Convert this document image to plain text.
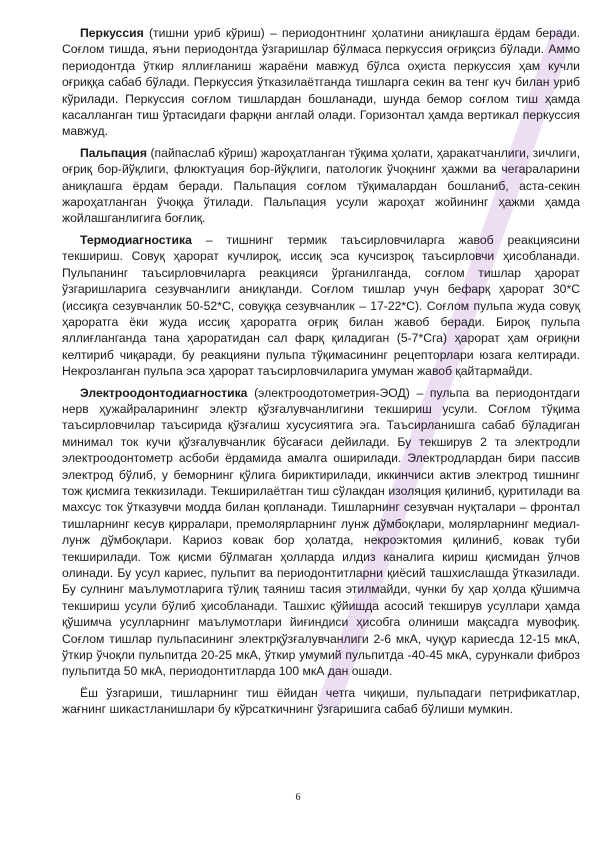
Перкуссия (тишни уриб кўриш) – периодонтнинг ҳолатини аниқлашга ёрдам беради. Соғлом тишда, яъни периодонтда ўзгаришлар бўлмаса перкуссия оғриқсиз бўлади. Аммо периодонтда ўткир яллиғланиш жараёни мавжуд бўлса оҳиста перкуссия ҳам кучли оғриққа сабаб бўлади. Перкуссия ўтказилаётганда тишларга секин ва тенг куч билан уриб кўрилади. Перкуссия соғлом тишлардан бошланади, шунда бемор соғлом тиш ҳамда касалланган тиш ўртасидаги фарқни англай олади. Горизонтал ҳамда вертикал перкуссия мавжуд.

Пальпация (пайпаслаб кўриш) жароҳатланган тўқима ҳолати, ҳаракатчанлиги, зичлиги, оғриқ бор-йўқлиги, флюктуация бор-йўқлиги, патологик ўчоқнинг ҳажми ва чегараларини аниқлашга ёрдам беради. Пальпация соғлом тўқималардан бошланиб, аста-секин жароҳатланган ўчоққа ўтилади. Пальпация усули жароҳат жойининг ҳажми ҳамда жойлашганлигига боғлиқ.

Термодиагностика – тишнинг термик таъсирловчиларга жавоб реакциясини текшириш. Совуқ ҳарорат кучлироқ, иссиқ эса кучсизроқ таъсирловчи ҳисобланади. Пульпанинг таъсирловчиларга реакцияси ўрганилганда, соғлом тишлар ҳарорат ўзгаришларига сезувчанлиги аниқланди. Соғлом тишлар учун бефарқ ҳарорат 30*С (иссиқга сезувчанлик 50-52*С, совуққа сезувчанлик – 17-22*С). Соғлом пульпа жуда совуқ ҳароратга ёки жуда иссиқ ҳароратга оғриқ билан жавоб беради. Бироқ пульпа яллиғланганда тана ҳароратидан сал фарқ қиладиган (5-7*Сга) ҳарорат ҳам оғриқни келтириб чиқаради, бу реакцияни пульпа тўқимасининг рецепторлари юзага келтиради. Некрозланган пульпа эса ҳарорат таъсирловчиларига умуман жавоб қайтармайди.

Электроодонтодиагностика (электроодотометрия-ЭОД) – пульпа ва периодонтдаги нерв ҳужайраларининг электр қўзғалувчанлигини текшириш усули. Соғлом тўқима таъсирловчилар таъсирида қўзғалиш хусусиятига эга. Таъсирланишга сабаб бўладиган минимал ток кучи қўзғалувчанлик бўсағаси дейилади. Бу текширув 2 та электродли электроодонтометр асбоби ёрдамида амалга оширилади. Электродлардан бири пассив электрод бўлиб, у беморнинг қўлига бириктирилади, иккинчиси актив электрод тишнинг тож қисмига теккизилади. Текширилаётган тиш сўлакдан изоляция қилиниб, қуритилади ва махсус ток ўтказувчи модда билан қопланади. Тишларнинг сезувчан нуқталари – фронтал тишларнинг кесув қирралари, премолярларнинг лунж дўмбоқлари, молярларнинг медиал-лунж дўмбоқлари. Кариоз ковак бор ҳолатда, некроэктомия қилиниб, ковак туби текширилади. Тож қисми бўлмаган ҳолларда илдиз каналига кириш қисмидан ўлчов олинади. Бу усул кариес, пульпит ва периодонтитларни қиёсий ташхислашда ўтказилади. Бу сулнинг маълумотларига тўлиқ таяниш тасия этилмайди, чунки бу ҳар ҳолда қўшимча текшириш усули бўлиб ҳисобланади. Ташхис қўйишда асосий текширув усуллари ҳамда қўшимча усулларнинг маълумотлари йиғиндиси ҳисобга олиниши мақсадга мувофиқ. Соғлом тишлар пульпасининг электрқўзғалувчанлиги 2-6 мкА, чуқур кариесда 12-15 мкА, ўткир ўчоқли пульпитда 20-25 мкА, ўткир умумий пульпитда -40-45 мкА, сурункали фиброз пульпитда 50 мкА, периодонтитларда 100 мкА дан ошади.

Ёш ўзгариши, тишларнинг тиш ёйидан четга чиқиши, пульпадаги петрификатлар, жағнинг шикастланишлари бу кўрсаткичнинг ўзгаришига сабаб бўлиши мумкин.

6
